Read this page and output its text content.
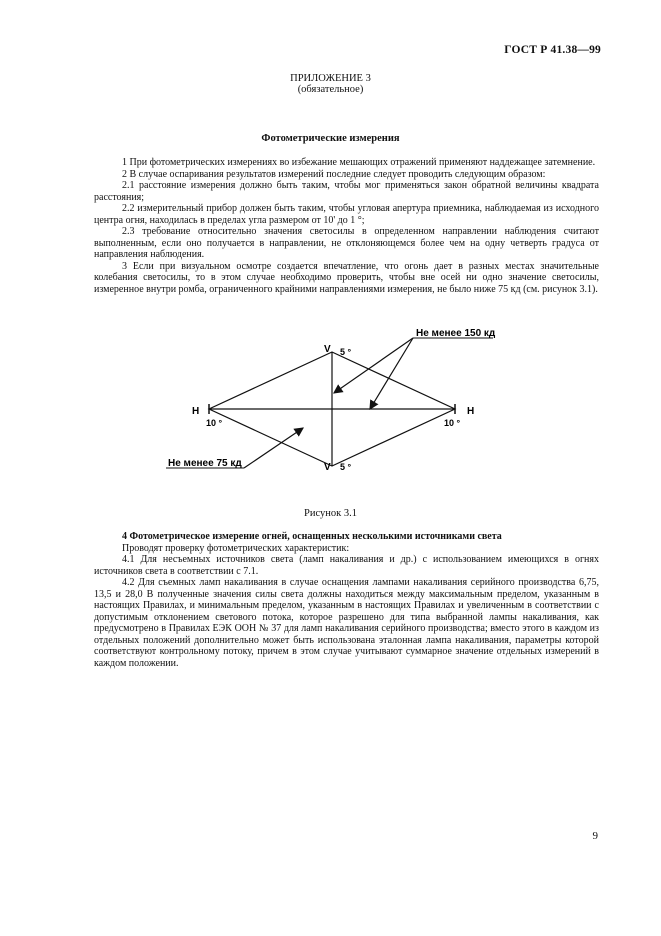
ГОСТ Р 41.38—99
ПРИЛОЖЕНИЕ 3
(обязательное)
Фотометрические измерения

1 При фотометрических измерениях во избежание мешающих отражений применяют наддежащее затемнение.

2 В случае оспаривания результатов измерений последние следует проводить следующим образом:

2.1 расстояние измерения должно быть таким, чтобы мог применяться закон обратной величины квадрата расстояния;

2.2 измерительный прибор должен быть таким, чтобы угловая апертура приемника, наблюдаемая из исходного центра огня, находилась в пределах угла размером от 10' до 1 °;

2.3 требование относительно значения светосилы в определенном направлении наблюдения считают выполненным, если оно получается в направлении, не отклоняющемся более чем на одну четверть градуса от направления наблюдения.

3 Если при визуальном осмотре создается впечатление, что огонь дает в разных местах значительные колебания светосилы, то в этом случае необходимо проверить, чтобы вне осей ни одно значение светосилы, измеренное внутри ромба, ограниченного крайними направлениями измерения, не было ниже 75 кд (см. рисунок 3.1).

V 5 °
V 5 °
H
10 °
H
10 °
Не менее 150 кд
Не менее 75 кд
Рисунок 3.1

4 Фотометрическое измерение огней, оснащенных несколькими источниками света

Проводят проверку фотометрических характеристик:

4.1 Для несъемных источников света (ламп накаливания и др.) с использованием имеющихся в огнях источников света в соответствии с 7.1.

4.2 Для съемных ламп накаливания в случае оснащения лампами накаливания серийного производства 6,75, 13,5 и 28,0 В полученные значения силы света должны находиться между максимальным пределом, указанным в настоящих Правилах, и минимальным пределом, указанным в настоящих Правилах и увеличенным в соответствии с допустимым отклонением светового потока, которое разрешено для типа выбранной лампы накаливания, как предусмотрено в Правилах ЕЭК ООН № 37 для ламп накаливания серийного производства; вместо этого в каждом из отдельных положений дополнительно может быть использована эталонная лампа накаливания, параметры которой соответствуют контрольному потоку, причем в этом случае учитывают суммарное значение отдельных измерений в каждом положении.

9
